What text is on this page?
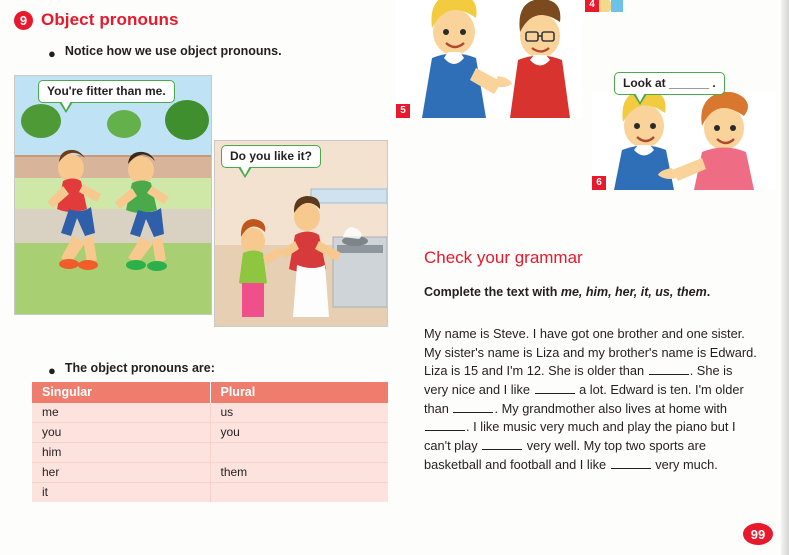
9 Object pronouns
● Notice how we use object pronouns.
You're fitter than me.
Do you like it?
● The object pronouns are:
Singular	Plural
me	us
you	you
him	
her	them
it	
4
5
6
Look at ______ .
Check your grammar
Complete the text with me, him, her, it, us, them.
My name is Steve. I have got one brother and one sister. My sister's name is Liza and my brother's name is Edward. Liza is 15 and I'm 12. She is older than	. She is very nice and I like	a lot. Edward is ten. I'm older than	. My grandmother also lives at home with . I like music very much and play the piano but I can't play	very well. My top two sports are basketball and football and I like	very much.
99
